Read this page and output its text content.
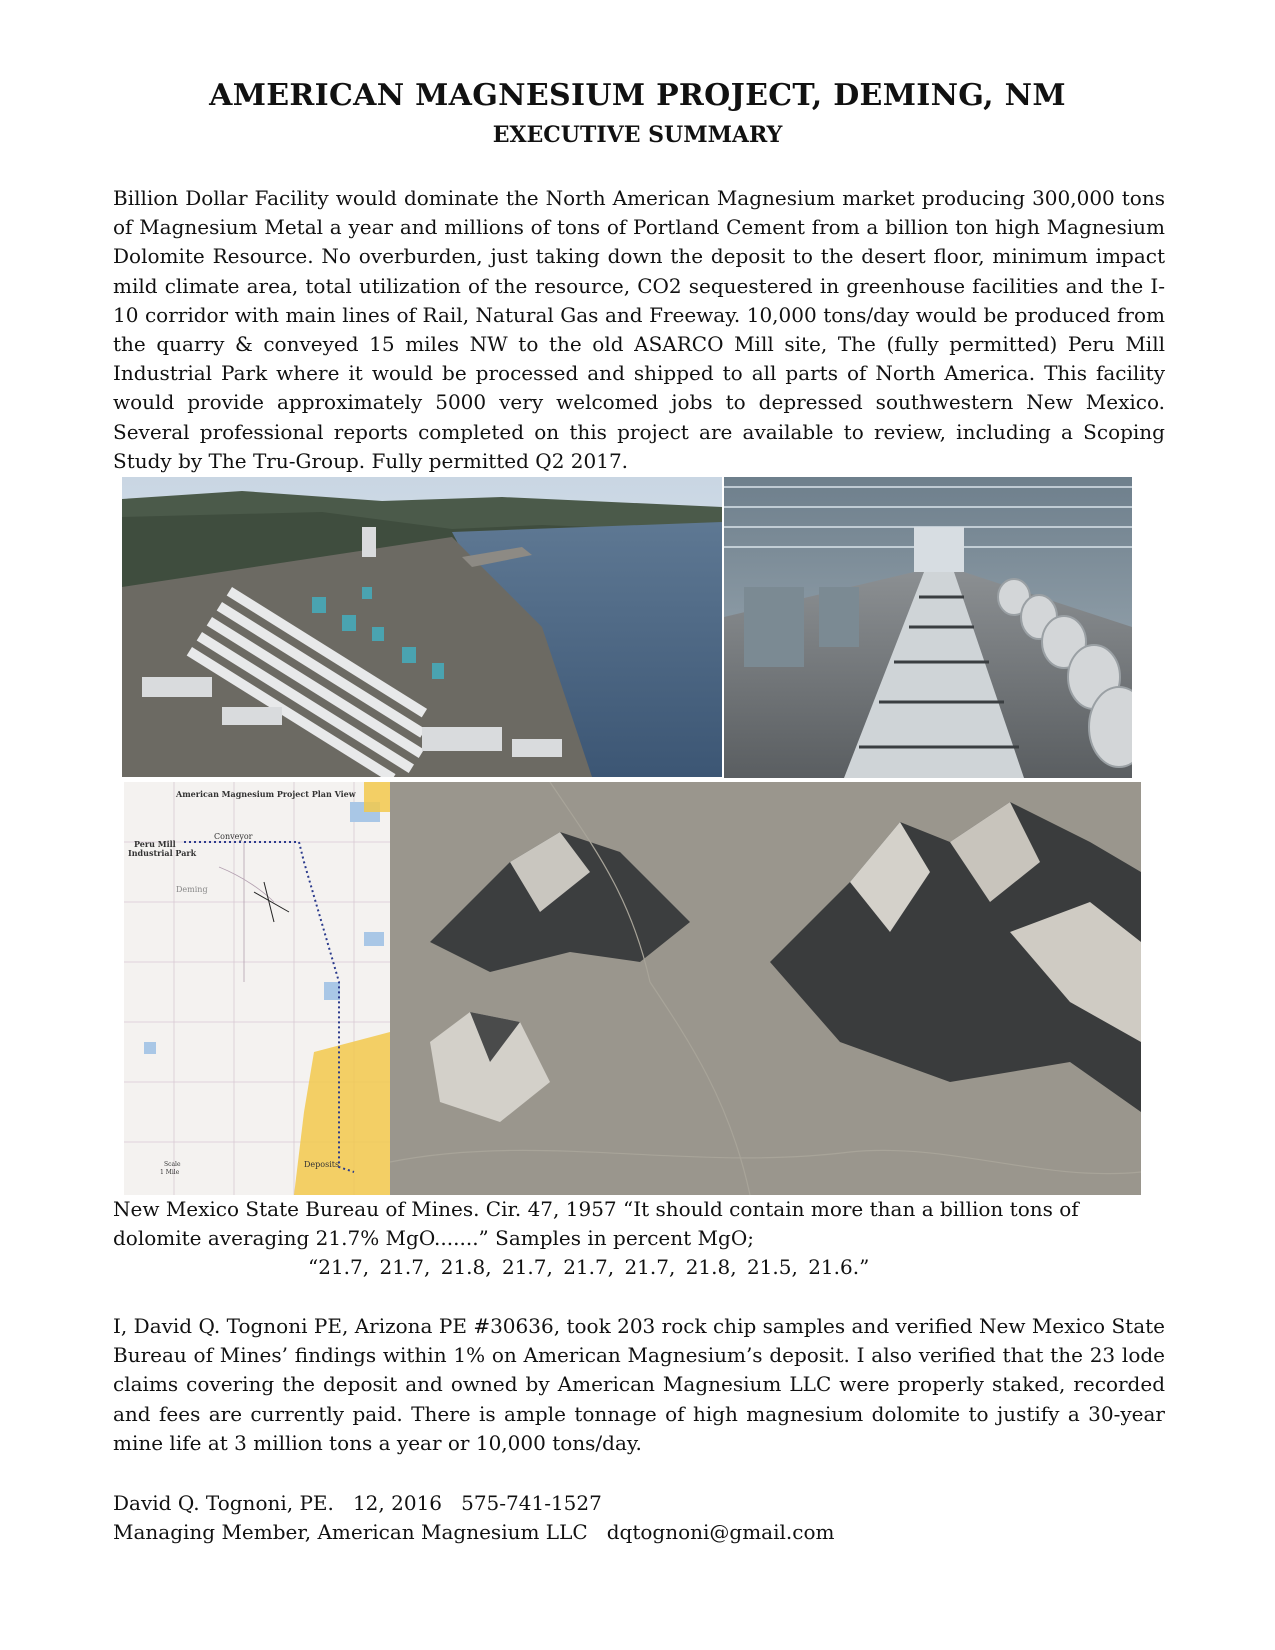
AMERICAN MAGNESIUM PROJECT, DEMING, NM
EXECUTIVE SUMMARY

Billion Dollar Facility would dominate the North American Magnesium market producing 300,000 tons of Magnesium Metal a year and millions of tons of Portland Cement from a billion ton high Magnesium Dolomite Resource. No overburden, just taking down the deposit to the desert floor, minimum impact mild climate area, total utilization of the resource, CO2 sequestered in greenhouse facilities and the I-10 corridor with main lines of Rail, Natural Gas and Freeway. 10,000 tons/day would be produced from the quarry & conveyed 15 miles NW to the old ASARCO Mill site, The (fully permitted) Peru Mill Industrial Park where it would be processed and shipped to all parts of North America. This facility would provide approximately 5000 very welcomed jobs to depressed southwestern New Mexico. Several professional reports completed on this project are available to review, including a Scoping Study by The Tru-Group. Fully permitted Q2 2017.

American Magnesium Project Plan View
Conveyor
Peru Mill
Industrial Park
Deming
Deposits
Scale
1 Mile

New Mexico State Bureau of Mines. Cir. 47, 1957 “It should contain more than a billion tons of dolomite averaging 21.7% MgO.......” Samples in percent MgO;

“21.7, 21.7, 21.8, 21.7, 21.7, 21.7, 21.8, 21.5, 21.6.”

I, David Q. Tognoni PE, Arizona PE #30636, took 203 rock chip samples and verified New Mexico State Bureau of Mines’ findings within 1% on American Magnesium’s deposit. I also verified that the 23 lode claims covering the deposit and owned by American Magnesium LLC were properly staked, recorded and fees are currently paid. There is ample tonnage of high magnesium dolomite to justify a 30-year mine life at 3 million tons a year or 10,000 tons/day.

David Q. Tognoni, PE.   12, 2016   575-741-1527
Managing Member, American Magnesium LLC   dqtognoni@gmail.com
